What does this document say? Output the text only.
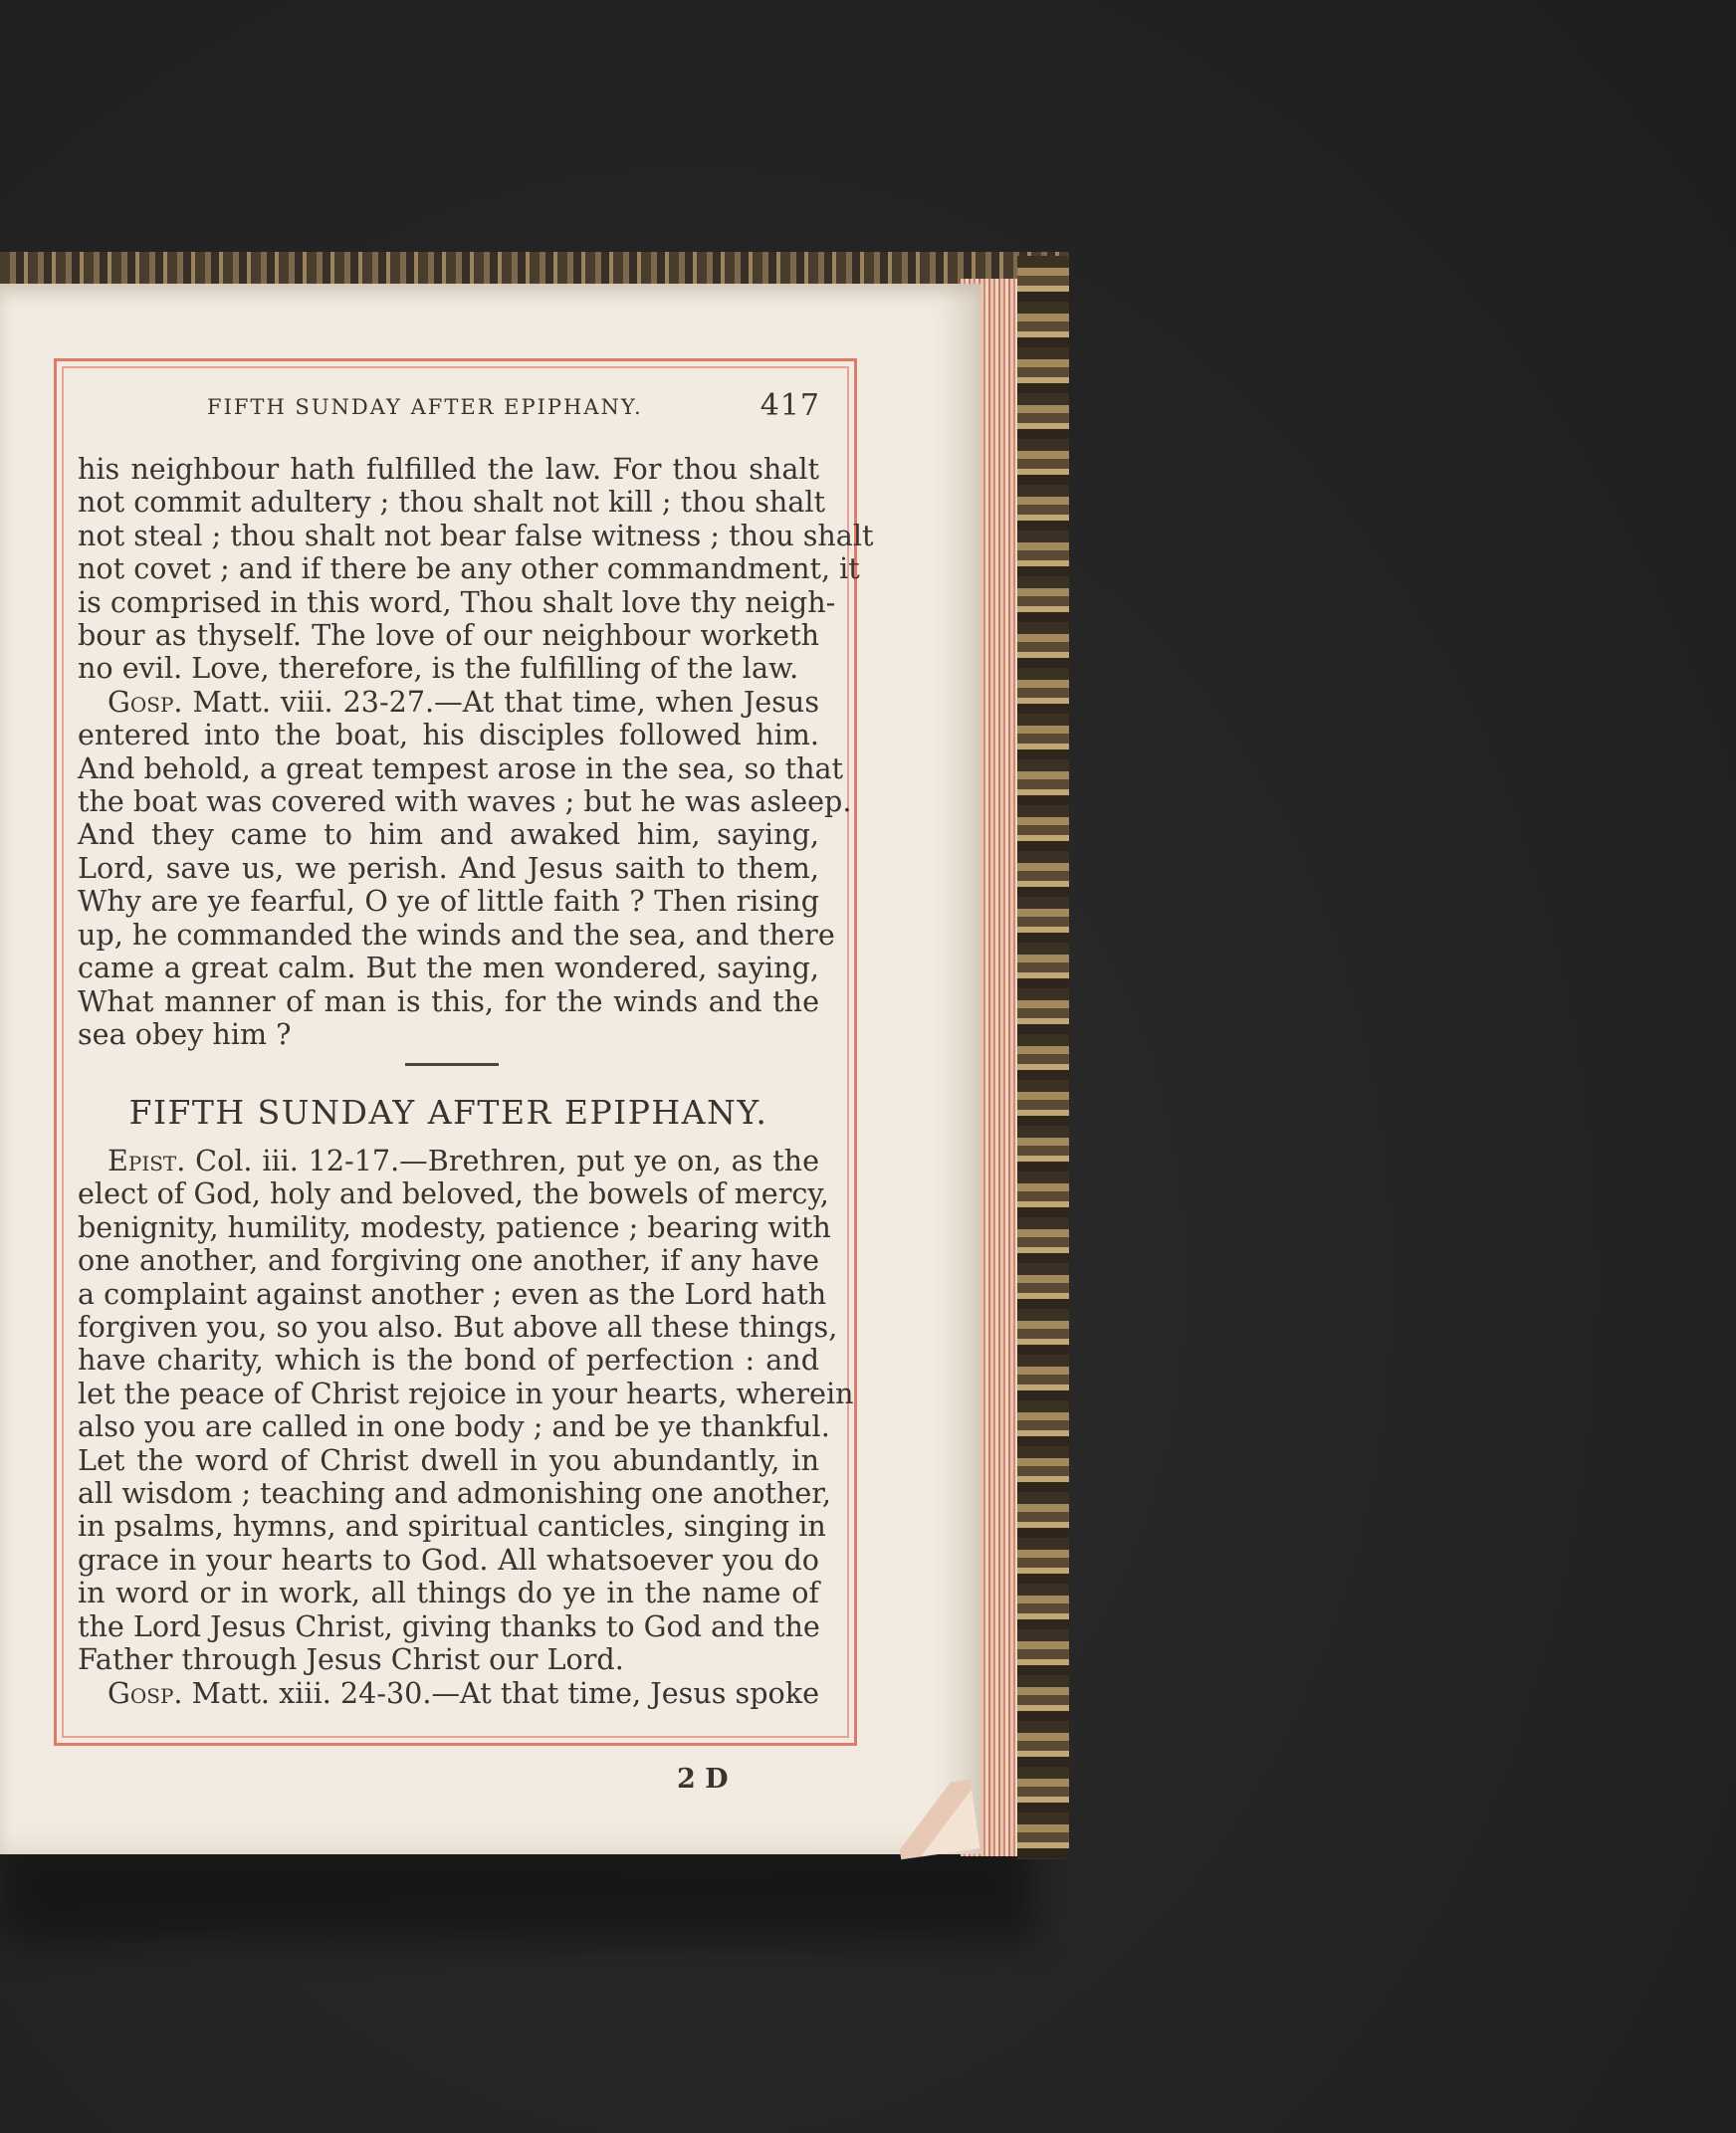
FIFTH SUNDAY AFTER EPIPHANY.	417
his neighbour hath fulfilled the law. For thou shalt
not commit adultery ; thou shalt not kill ; thou shalt
not steal ; thou shalt not bear false witness ; thou shalt
not covet ; and if there be any other commandment, it
is comprised in this word, Thou shalt love thy neigh-
bour as thyself. The love of our neighbour worketh
no evil. Love, therefore, is the fulfilling of the law.
Gosp. Matt. viii. 23-27.—At that time, when Jesus
entered into the boat, his disciples followed him.
And behold, a great tempest arose in the sea, so that
the boat was covered with waves ; but he was asleep.
And they came to him and awaked him, saying,
Lord, save us, we perish. And Jesus saith to them,
Why are ye fearful, O ye of little faith ? Then rising
up, he commanded the winds and the sea, and there
came a great calm. But the men wondered, saying,
What manner of man is this, for the winds and the
sea obey him ?
FIFTH SUNDAY AFTER EPIPHANY.
Epist. Col. iii. 12-17.—Brethren, put ye on, as the
elect of God, holy and beloved, the bowels of mercy,
benignity, humility, modesty, patience ; bearing with
one another, and forgiving one another, if any have
a complaint against another ; even as the Lord hath
forgiven you, so you also. But above all these things,
have charity, which is the bond of perfection : and
let the peace of Christ rejoice in your hearts, wherein
also you are called in one body ; and be ye thankful.
Let the word of Christ dwell in you abundantly, in
all wisdom ; teaching and admonishing one another,
in psalms, hymns, and spiritual canticles, singing in
grace in your hearts to God. All whatsoever you do
in word or in work, all things do ye in the name of
the Lord Jesus Christ, giving thanks to God and the
Father through Jesus Christ our Lord.
Gosp. Matt. xiii. 24-30.—At that time, Jesus spoke
2 D
